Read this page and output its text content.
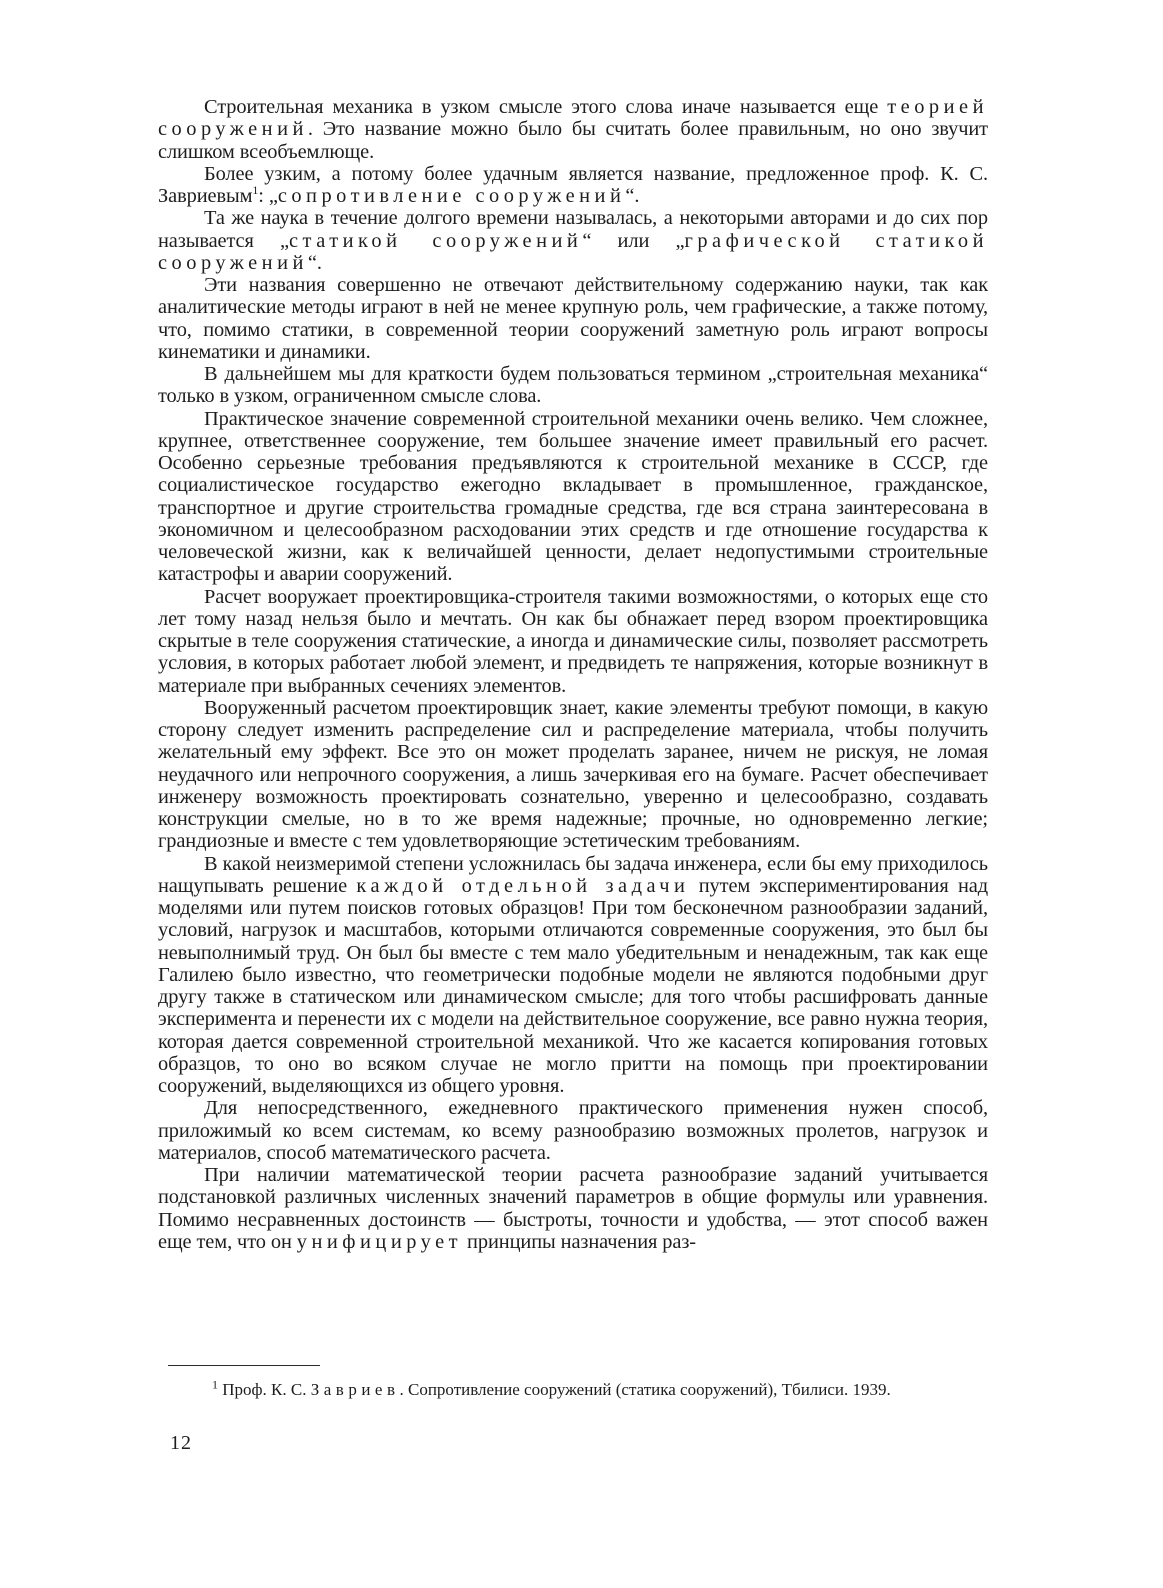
Строительная механика в узком смысле этого слова иначе называется еще теорией сооружений. Это название можно было бы считать более правильным, но оно звучит слишком всеобъемлюще.

Более узким, а потому более удачным является название, предложенное проф. К. С. Завриевым$^1$: „сопротивление сооружений“.

Та же наука в течение долгого времени называлась, а некоторыми авторами и до сих пор называется „статикой сооружений“ или „графической статикой сооружений“.

Эти названия совершенно не отвечают действительному содержанию науки, так как аналитические методы играют в ней не менее крупную роль, чем графические, а также потому, что, помимо статики, в современной теории сооружений заметную роль играют вопросы кинематики и динамики.

В дальнейшем мы для краткости будем пользоваться термином „строительная механика“ только в узком, ограниченном смысле слова.

Практическое значение современной строительной механики очень велико. Чем сложнее, крупнее, ответственнее сооружение, тем большее значение имеет правильный его расчет. Особенно серьезные требования предъявляются к строительной механике в СССР, где социалистическое государство ежегодно вкладывает в промышленное, гражданское, транспортное и другие строительства громадные средства, где вся страна заинтересована в экономичном и целесообразном расходовании этих средств и где отношение государства к человеческой жизни, как к величайшей ценности, делает недопустимыми строительные катастрофы и аварии сооружений.

Расчет вооружает проектировщика-строителя такими возможностями, о которых еще сто лет тому назад нельзя было и мечтать. Он как бы обнажает перед взором проектировщика скрытые в теле сооружения статические, а иногда и динамические силы, позволяет рассмотреть условия, в которых работает любой элемент, и предвидеть те напряжения, которые возникнут в материале при выбранных сечениях элементов.

Вооруженный расчетом проектировщик знает, какие элементы требуют помощи, в какую сторону следует изменить распределение сил и распределение материала, чтобы получить желательный ему эффект. Все это он может проделать заранее, ничем не рискуя, не ломая неудачного или непрочного сооружения, а лишь зачеркивая его на бумаге. Расчет обеспечивает инженеру возможность проектировать сознательно, уверенно и целесообразно, создавать конструкции смелые, но в то же время надежные; прочные, но одновременно легкие; грандиозные и вместе с тем удовлетворяющие эстетическим требованиям.

В какой неизмеримой степени усложнилась бы задача инженера, если бы ему приходилось нащупывать решение каждой отдельной задачи путем экспериментирования над моделями или путем поисков готовых образцов! При том бесконечном разнообразии заданий, условий, нагрузок и масштабов, которыми отличаются современные сооружения, это был бы невыполнимый труд. Он был бы вместе с тем мало убедительным и ненадежным, так как еще Галилею было известно, что геометрически подобные модели не являются подобными друг другу также в статическом или динамическом смысле; для того чтобы расшифровать данные эксперимента и перенести их с модели на действительное сооружение, все равно нужна теория, которая дается современной строительной механикой. Что же касается копирования готовых образцов, то оно во всяком случае не могло притти на помощь при проектировании сооружений, выделяющихся из общего уровня.

Для непосредственного, ежедневного практического применения нужен способ, приложимый ко всем системам, ко всему разнообразию возможных пролетов, нагрузок и материалов, способ математического расчета.

При наличии математической теории расчета разнообразие заданий учитывается подстановкой различных численных значений параметров в общие формулы или уравнения. Помимо несравненных достоинств — быстроты, точности и удобства, — этот способ важен еще тем, что он унифицирует принципы назначения раз-

$^1$ Проф. К. С. Завриев. Сопротивление сооружений (статика сооружений), Тбилиси. 1939.

12
